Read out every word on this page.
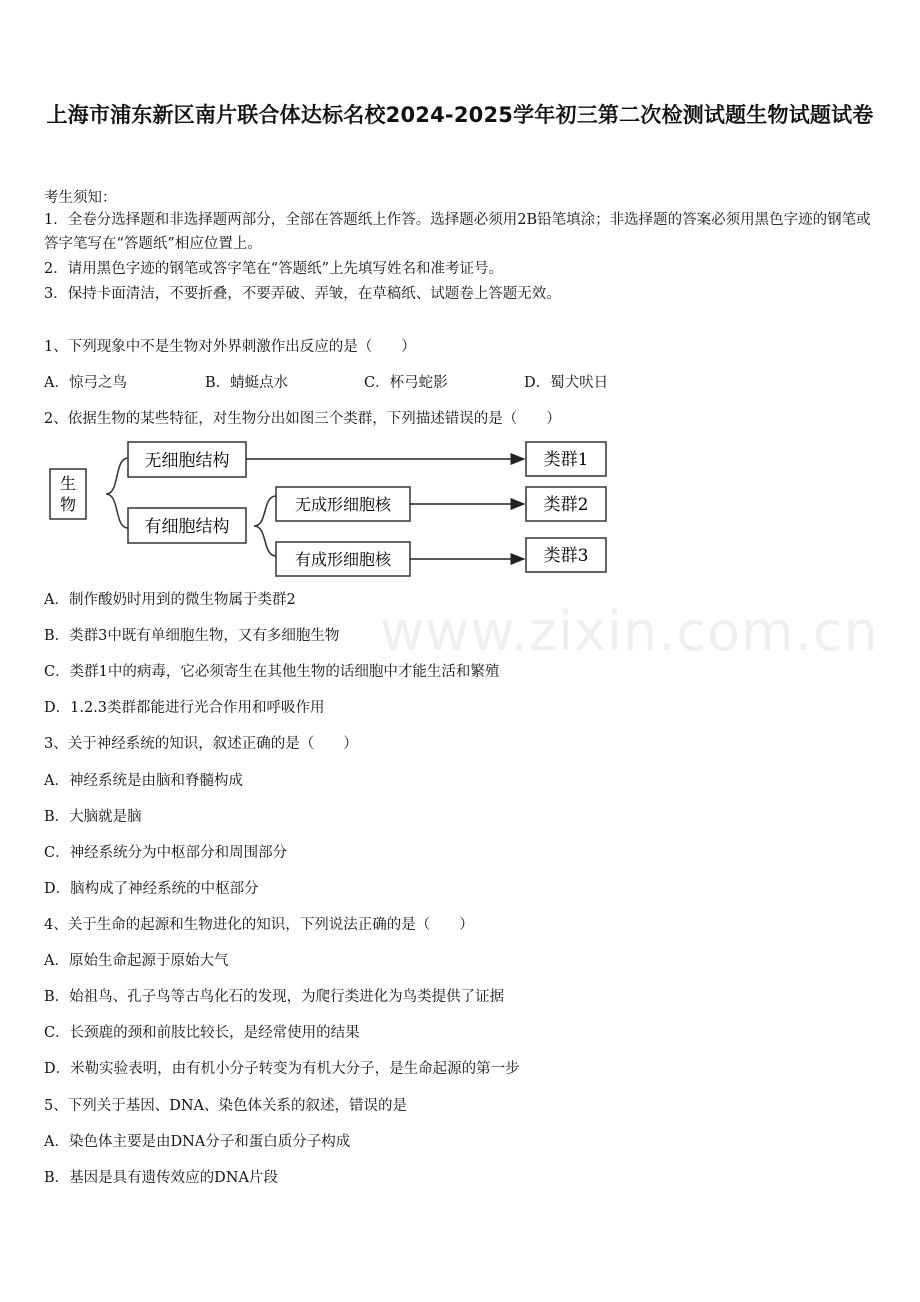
上海市浦东新区南片联合体达标名校2024-2025学年初三第二次检测试题生物试题试卷
www.zixin.com.cn
考生须知：
1．全卷分选择题和非选择题两部分，全部在答题纸上作答。选择题必须用2B铅笔填涂；非选择题的答案必须用黑色字迹的钢笔或答字笔写在“答题纸”相应位置上。
2．请用黑色字迹的钢笔或答字笔在“答题纸”上先填写姓名和准考证号。
3．保持卡面清洁，不要折叠，不要弄破、弄皱，在草稿纸、试题卷上答题无效。
1、下列现象中不是生物对外界刺激作出反应的是（　　）
A．惊弓之鸟	B．蜻蜓点水	C．杯弓蛇影	D．蜀犬吠日
2、依据生物的某些特征，对生物分出如图三个类群，下列描述错误的是（　　）
生
物
无细胞结构
有细胞结构
无成形细胞核
有成形细胞核
类群1
类群2
类群3
A．制作酸奶时用到的微生物属于类群2
B．类群3中既有单细胞生物，又有多细胞生物
C．类群1中的病毒，它必须寄生在其他生物的话细胞中才能生活和繁殖
D．1.2.3类群都能进行光合作用和呼吸作用
3、关于神经系统的知识，叙述正确的是（　　）
A．神经系统是由脑和脊髓构成
B．大脑就是脑
C．神经系统分为中枢部分和周围部分
D．脑构成了神经系统的中枢部分
4、关于生命的起源和生物进化的知识，下列说法正确的是（　　）
A．原始生命起源于原始大气
B．始祖鸟、孔子鸟等古鸟化石的发现，为爬行类进化为鸟类提供了证据
C．长颈鹿的颈和前肢比较长，是经常使用的结果
D．米勒实验表明，由有机小分子转变为有机大分子，是生命起源的第一步
5、下列关于基因、DNA、染色体关系的叙述，错误的是
A．染色体主要是由DNA分子和蛋白质分子构成
B．基因是具有遗传效应的DNA片段
